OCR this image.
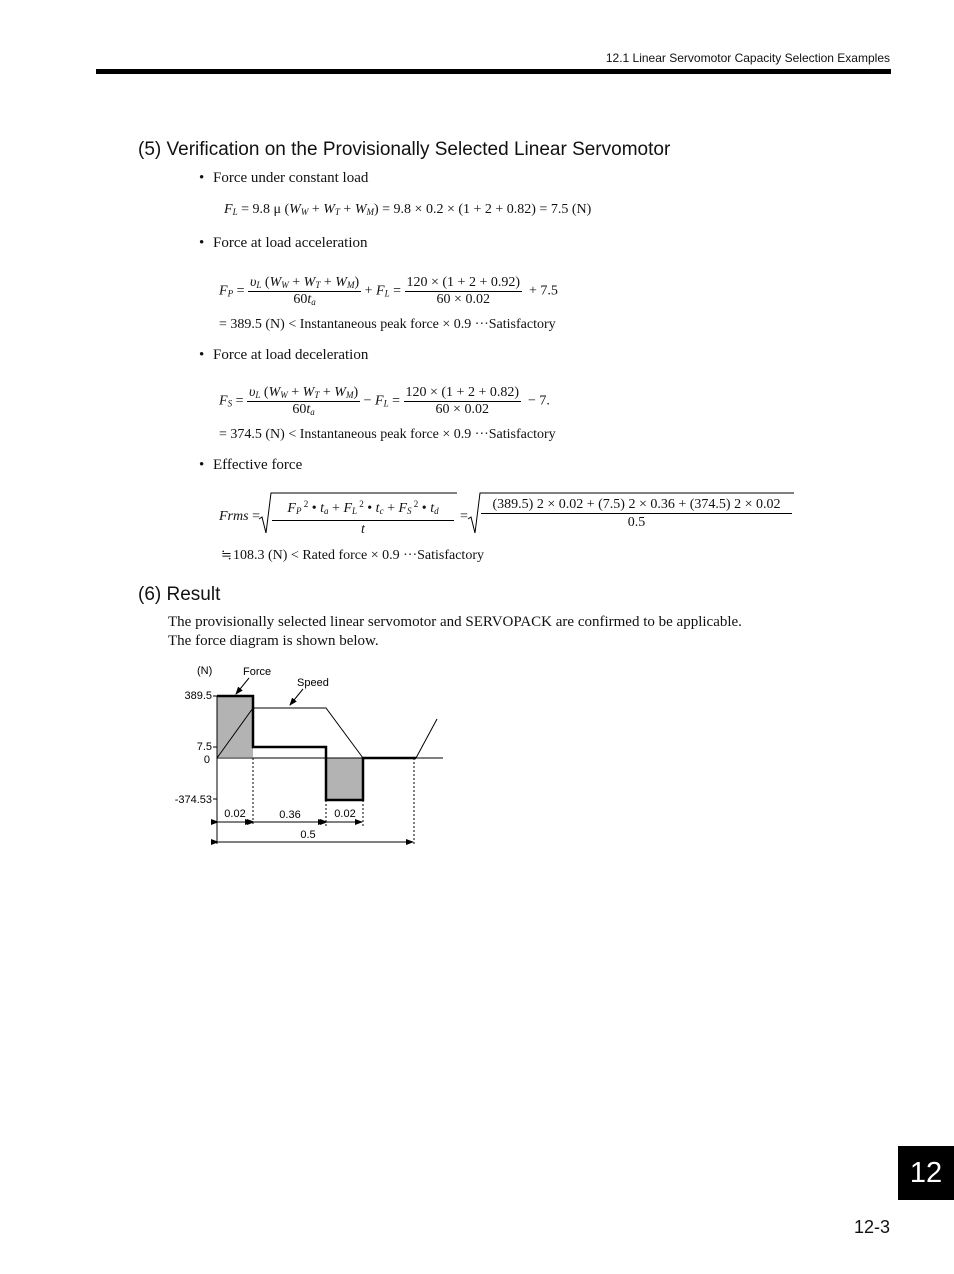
12.1 Linear Servomotor Capacity Selection Examples
(5) Verification on the Provisionally Selected Linear Servomotor
• Force under constant load
$F_L = 9.8$ μ $(W_W + W_T + W_M) = 9.8 \times 0.2 \times (1 + 2 + 0.82) = 7.5$ (N)
• Force at load acceleration
$F_P = \frac{\upsilon_L (W_W + W_T + W_M)}{60t_a} + F_L = \frac{120 \times (1 + 2 + 0.92)}{60 \times 0.02} + 7.5$
= 389.5 (N) < Instantaneous peak force × 0.9 ···Satisfactory
• Force at load deceleration
$F_S = \frac{\upsilon_L (W_W + W_T + W_M)}{60t_a} - F_L = \frac{120 \times (1 + 2 + 0.82)}{60 \times 0.02} - 7$.
= 374.5 (N) < Instantaneous peak force × 0.9 ···Satisfactory
• Effective force
Frms =
$F_P$ $^2$ • $t_a + F_L$ $^2$ • $t_c + F_S$ $^2$ • $t_d$
t
= $\frac{(389.5) 2 \times 0.02 + (7.5) 2 \times 0.36 + (374.5) 2 \times 0.02}{0.5}$
≒108.3 (N) < Rated force × 0.9 ···Satisfactory
(6) Result
The provisionally selected linear servomotor and SERVOPACK are confirmed to be applicable.
The force diagram is shown below.
(N)	Force
Speed
389.5
7.5
0
-374.53
0.02	0.36	0.02
0.5
12
12-3
